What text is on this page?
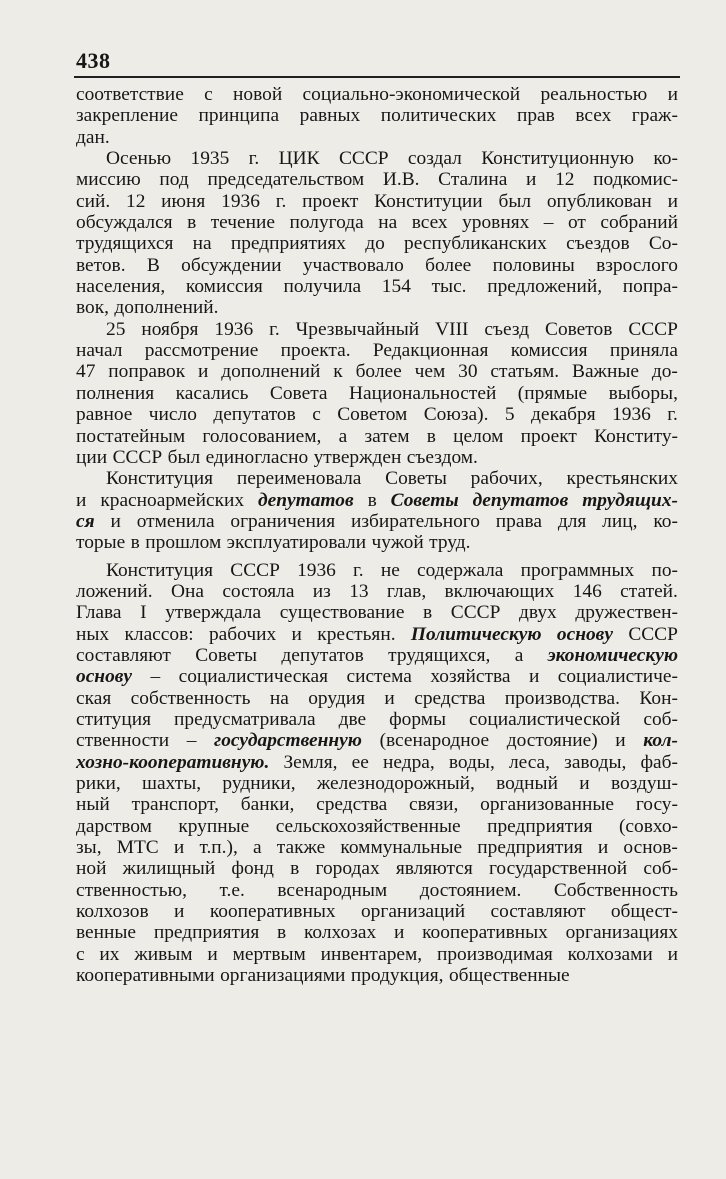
438
соответствие с новой социально-экономической реальностью и
закрепление принципа равных политических прав всех граж-
дан.
Осенью 1935 г. ЦИК СССР создал Конституционную ко-
миссию под председательством И.В. Сталина и 12 подкомис-
сий. 12 июня 1936 г. проект Конституции был опубликован и
обсуждался в течение полугода на всех уровнях – от собраний
трудящихся на предприятиях до республиканских съездов Со-
ветов. В обсуждении участвовало более половины взрослого
населения, комиссия получила 154 тыс. предложений, попра-
вок, дополнений.
25 ноября 1936 г. Чрезвычайный VIII съезд Советов СССР
начал рассмотрение проекта. Редакционная комиссия приняла
47 поправок и дополнений к более чем 30 статьям. Важные до-
полнения касались Совета Национальностей (прямые выборы,
равное число депутатов с Советом Союза). 5 декабря 1936 г.
постатейным голосованием, а затем в целом проект Конститу-
ции СССР был единогласно утвержден съездом.
Конституция переименовала Советы рабочих, крестьянских
и красноармейских депутатов в Советы депутатов трудящих-
ся и отменила ограничения избирательного права для лиц, ко-
торые в прошлом эксплуатировали чужой труд.
Конституция СССР 1936 г. не содержала программных по-
ложений. Она состояла из 13 глав, включающих 146 статей.
Глава I утверждала существование в СССР двух дружествен-
ных классов: рабочих и крестьян. Политическую основу СССР
составляют Советы депутатов трудящихся, а экономическую
основу – социалистическая система хозяйства и социалистиче-
ская собственность на орудия и средства производства. Кон-
ституция предусматривала две формы социалистической соб-
ственности – государственную (всенародное достояние) и кол-
хозно-кооперативную. Земля, ее недра, воды, леса, заводы, фаб-
рики, шахты, рудники, железнодорожный, водный и воздуш-
ный транспорт, банки, средства связи, организованные госу-
дарством крупные сельскохозяйственные предприятия (совхо-
зы, МТС и т.п.), а также коммунальные предприятия и основ-
ной жилищный фонд в городах являются государственной соб-
ственностью, т.е. всенародным достоянием. Собственность
колхозов и кооперативных организаций составляют общест-
венные предприятия в колхозах и кооперативных организациях
с их живым и мертвым инвентарем, производимая колхозами и
кооперативными организациями продукция, общественные
